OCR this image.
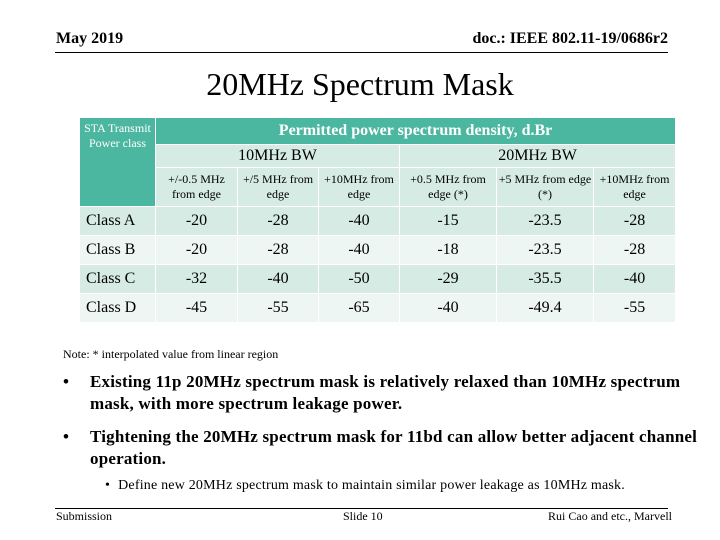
May 2019	doc.: IEEE 802.11-19/0686r2
20MHz Spectrum Mask
STA Transmit Power class	Permitted power spectrum density, d.Br					
	10MHz BW			20MHz BW		
	+/-0.5 MHz from edge	+/5 MHz from edge	+10MHz from edge	+0.5 MHz from edge (*)	+5 MHz from edge (*)	+10MHz from edge
Class A	-20	-28	-40	-15	-23.5	-28
Class B	-20	-28	-40	-18	-23.5	-28
Class C	-32	-40	-50	-29	-35.5	-40
Class D	-45	-55	-65	-40	-49.4	-55
Note: * interpolated value from linear region
• Existing 11p 20MHz spectrum mask is relatively relaxed than 10MHz spectrum mask, with more spectrum leakage power.
• Tightening the 20MHz spectrum mask for 11bd can allow better adjacent channel operation.
• Define new 20MHz spectrum mask to maintain similar power leakage as 10MHz mask.
Submission	Slide 10	Rui Cao and etc., Marvell
